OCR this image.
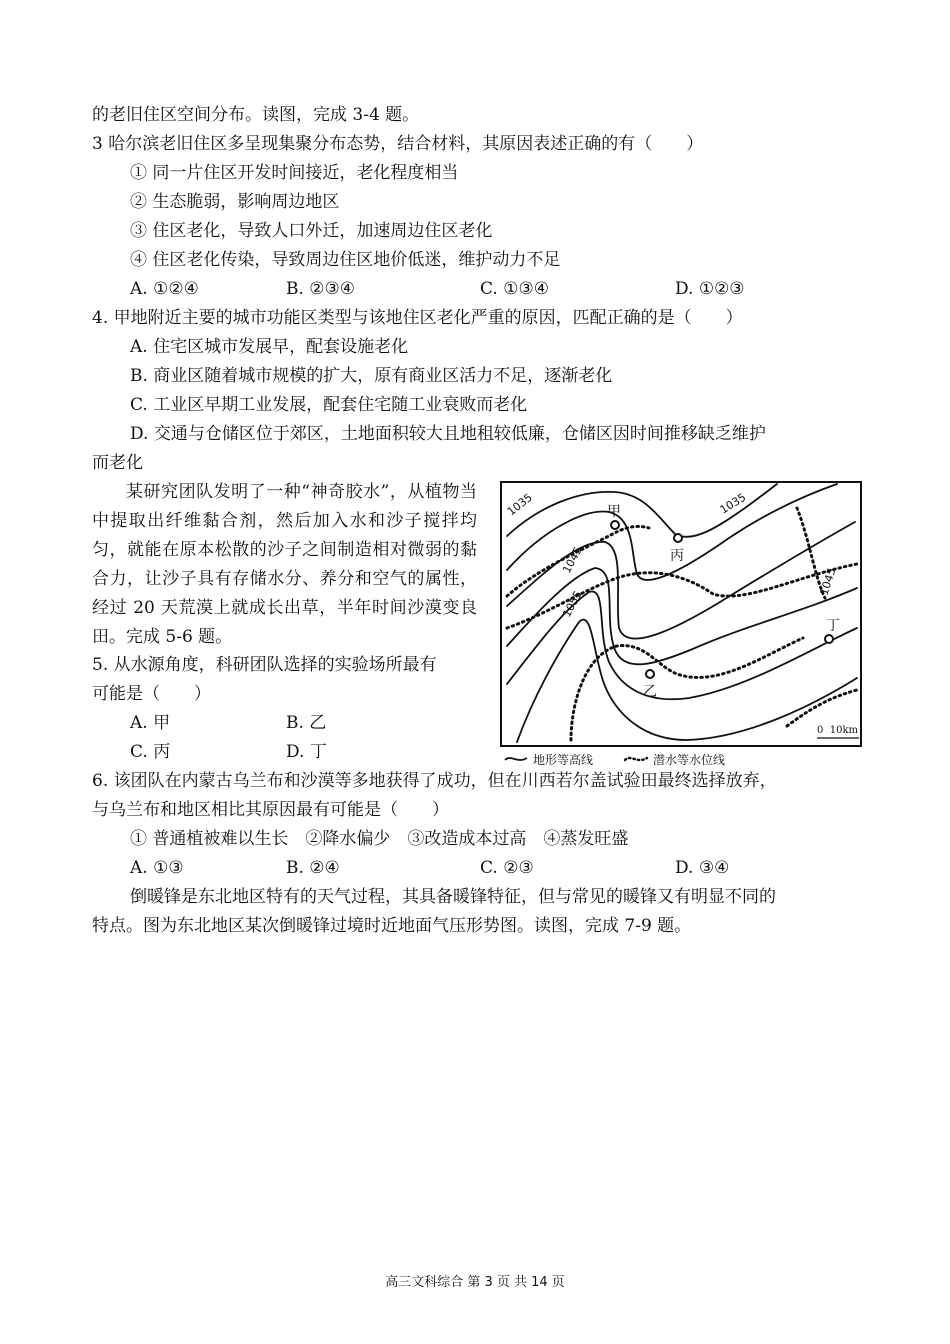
的老旧住区空间分布。读图，完成 3-4 题。
3 哈尔滨老旧住区多呈现集聚分布态势，结合材料，其原因表述正确的有（　　）
① 同一片住区开发时间接近，老化程度相当
② 生态脆弱，影响周边地区
③ 住区老化，导致人口外迁，加速周边住区老化
④ 住区老化传染，导致周边住区地价低迷，维护动力不足
A. ①②④	B. ②③④	C. ①③④	D. ①②③
4. 甲地附近主要的城市功能区类型与该地住区老化严重的原因，匹配正确的是（　　）
A. 住宅区城市发展早，配套设施老化
B. 商业区随着城市规模的扩大，原有商业区活力不足，逐渐老化
C. 工业区早期工业发展，配套住宅随工业衰败而老化
D. 交通与仓储区位于郊区，土地面积较大且地租较低廉，仓储区因时间推移缺乏维护
而老化
某研究团队发明了一种“神奇胶水”，从植物当中提取出纤维黏合剂，然后加入水和沙子搅拌均匀，就能在原本松散的沙子之间制造相对微弱的黏合力，让沙子具有存储水分、养分和空气的属性，经过 20 天荒漠上就成长出草，半年时间沙漠变良田。完成 5-6 题。
5. 从水源角度，科研团队选择的实验场所最有
可能是（　　）
A. 甲	B. 乙
C. 丙	D. 丁
1035	1035
1045
1055
1045
甲
丙
乙
丁
0  10km
地形等高线	潜水等水位线
6. 该团队在内蒙古乌兰布和沙漠等多地获得了成功，但在川西若尔盖试验田最终选择放弃，
与乌兰布和地区相比其原因最有可能是（　　）
① 普通植被难以生长　②降水偏少　③改造成本过高　④蒸发旺盛
A. ①③	B. ②④	C. ②③	D. ③④
倒暖锋是东北地区特有的天气过程，其具备暖锋特征，但与常见的暖锋又有明显不同的
特点。图为东北地区某次倒暖锋过境时近地面气压形势图。读图，完成 7-9 题。
高三文科综合 第 3 页 共 14 页
